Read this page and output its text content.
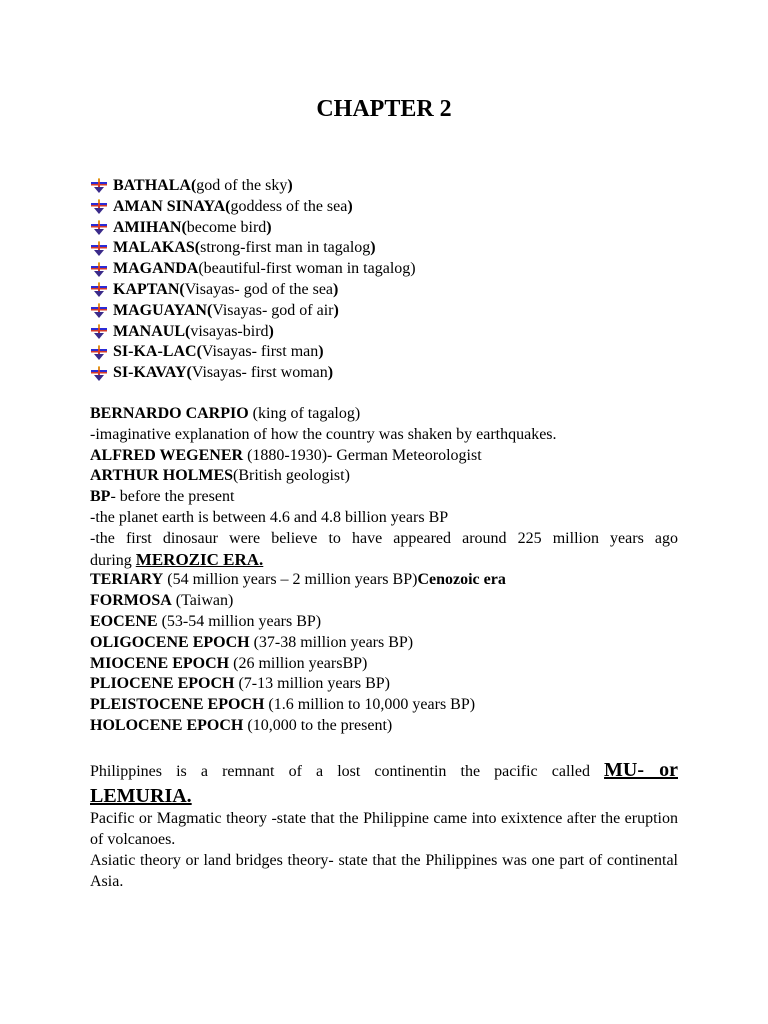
CHAPTER 2
BATHALA ( god of the sky )
AMAN SINAYA ( goddess of the sea )
AMIHAN ( become bird )
MALAKAS ( strong-first man in tagalog )
MAGANDA (beautiful-first woman in tagalog)
KAPTAN ( Visayas- god of the sea )
MAGUAYAN ( Visayas- god of air )
MANAUL ( visayas-bird )
SI-KA-LAC ( Visayas- first man )
SI-KAVAY ( Visayas- first woman )
BERNARDO CARPIO (king of tagalog)
-imaginative explanation of how the country was shaken by earthquakes.
ALFRED WEGENER (1880-1930)- German Meteorologist
ARTHUR HOLMES(British geologist)
BP- before the present
-the planet earth is between 4.6 and 4.8 billion years BP
-the first dinosaur were believe to have appeared around 225 million years ago
during MEROZIC ERA.
TERIARY (54 million years – 2 million years BP)Cenozoic era
FORMOSA (Taiwan)
EOCENE (53-54 million years BP)
OLIGOCENE EPOCH (37-38 million years BP)
MIOCENE EPOCH (26 million yearsBP)
PLIOCENE EPOCH (7-13 million years BP)
PLEISTOCENE EPOCH (1.6 million to 10,000 years BP)
HOLOCENE EPOCH (10,000 to the present)
Philippines is a remnant of a lost continentin the pacific called MU- or
LEMURIA.
Pacific or Magmatic theory -state that the Philippine came into exixtence after the eruption of volcanoes.
Asiatic theory or land bridges theory- state that the Philippines was one part of continental Asia.
